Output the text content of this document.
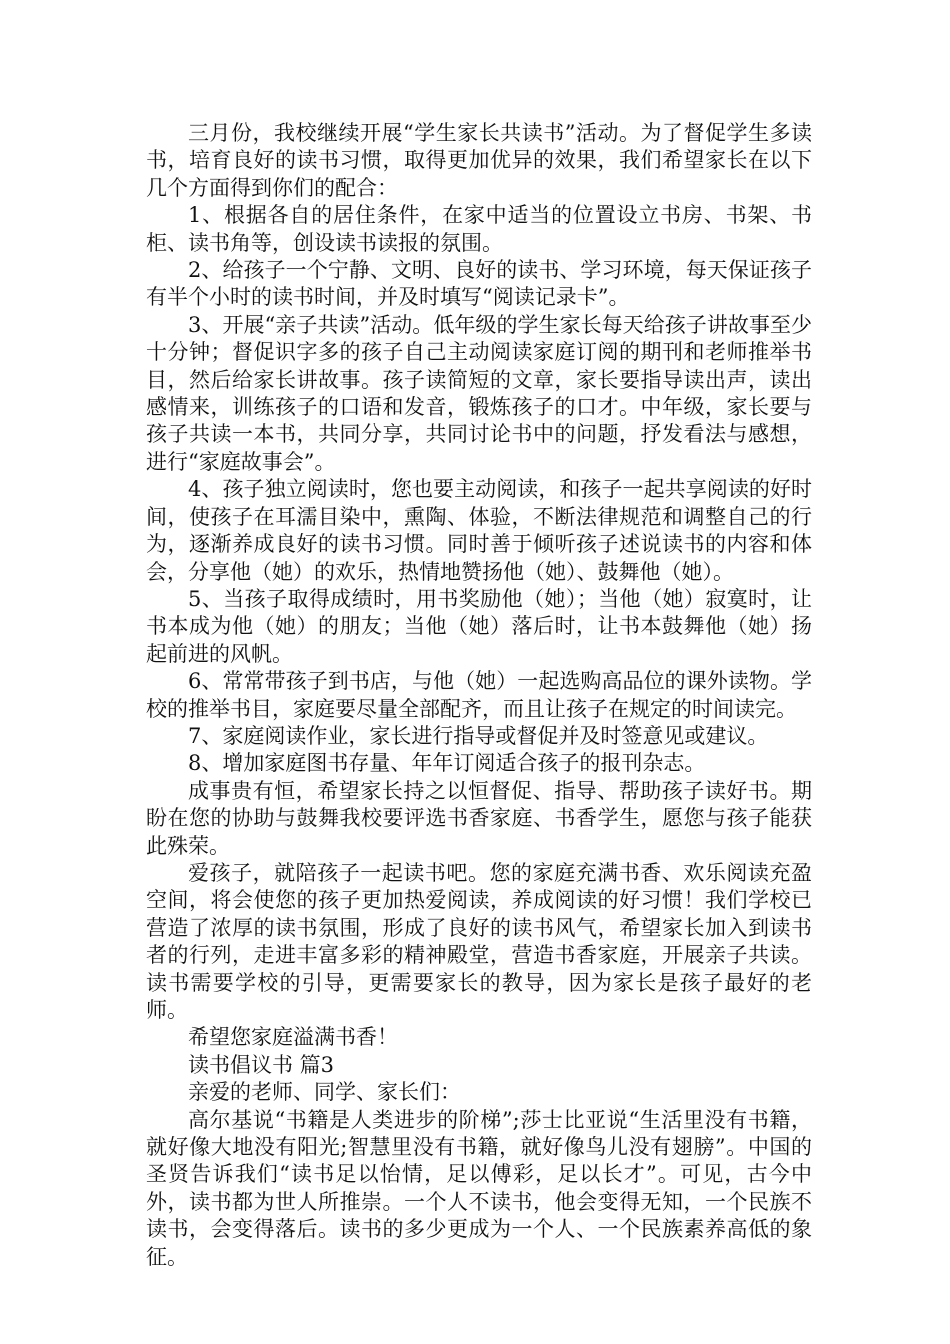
三月份，我校继续开展“学生家长共读书”活动。为了督促学生多读书，培育良好的读书习惯，取得更加优异的效果，我们希望家长在以下几个方面得到你们的配合：

1、根据各自的居住条件，在家中适当的位置设立书房、书架、书柜、读书角等，创设读书读报的氛围。

2、给孩子一个宁静、文明、良好的读书、学习环境，每天保证孩子有半个小时的读书时间，并及时填写“阅读记录卡”。

3、开展“亲子共读”活动。低年级的学生家长每天给孩子讲故事至少十分钟；督促识字多的孩子自己主动阅读家庭订阅的期刊和老师推举书目，然后给家长讲故事。孩子读简短的文章，家长要指导读出声，读出感情来，训练孩子的口语和发音，锻炼孩子的口才。中年级，家长要与孩子共读一本书，共同分享，共同讨论书中的问题，抒发看法与感想，进行“家庭故事会”。

4、孩子独立阅读时，您也要主动阅读，和孩子一起共享阅读的好时间，使孩子在耳濡目染中，熏陶、体验，不断法律规范和调整自己的行为，逐渐养成良好的读书习惯。同时善于倾听孩子述说读书的内容和体会，分享他（她）的欢乐，热情地赞扬他（她）、鼓舞他（她）。

5、当孩子取得成绩时，用书奖励他（她）；当他（她）寂寞时，让书本成为他（她）的朋友；当他（她）落后时，让书本鼓舞他（她）扬起前进的风帆。

6、常常带孩子到书店，与他（她）一起选购高品位的课外读物。学校的推举书目，家庭要尽量全部配齐，而且让孩子在规定的时间读完。

7、家庭阅读作业，家长进行指导或督促并及时签意见或建议。

8、增加家庭图书存量、年年订阅适合孩子的报刊杂志。

成事贵有恒，希望家长持之以恒督促、指导、帮助孩子读好书。期盼在您的协助与鼓舞我校要评选书香家庭、书香学生，愿您与孩子能获此殊荣。

爱孩子，就陪孩子一起读书吧。您的家庭充满书香、欢乐阅读充盈空间，将会使您的孩子更加热爱阅读，养成阅读的好习惯！我们学校已营造了浓厚的读书氛围，形成了良好的读书风气，希望家长加入到读书者的行列，走进丰富多彩的精神殿堂，营造书香家庭，开展亲子共读。读书需要学校的引导，更需要家长的教导，因为家长是孩子最好的老师。

希望您家庭溢满书香！

读书倡议书 篇3

亲爱的老师、同学、家长们：

高尔基说“书籍是人类进步的阶梯”;莎士比亚说“生活里没有书籍，就好像大地没有阳光;智慧里没有书籍，就好像鸟儿没有翅膀”。中国的圣贤告诉我们“读书足以怡情，足以傅彩，足以长才”。可见，古今中外，读书都为世人所推崇。一个人不读书，他会变得无知，一个民族不读书，会变得落后。读书的多少更成为一个人、一个民族素养高低的象征。
